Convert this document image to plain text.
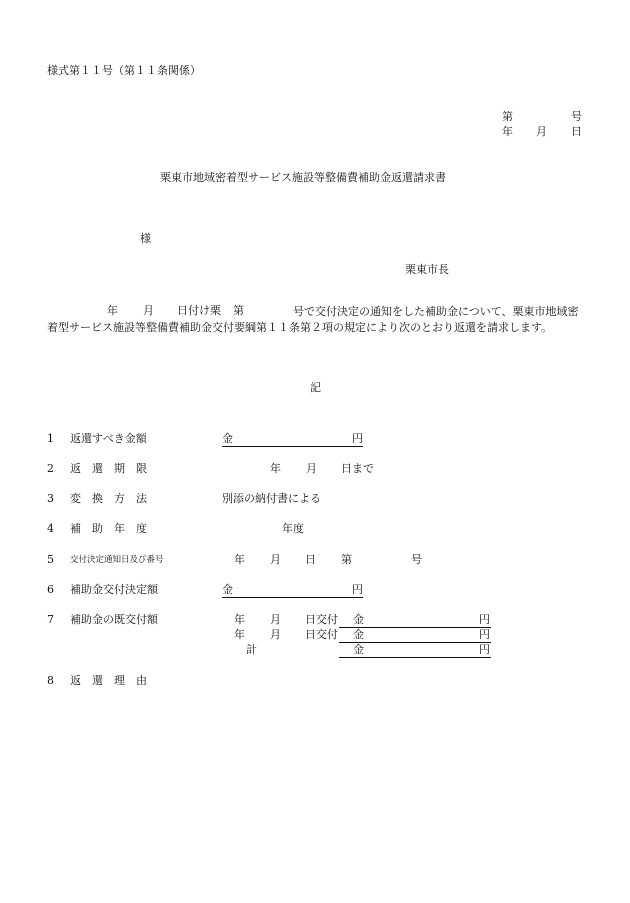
様式第１１号（第１１条関係）
第	号
年 月 日
栗東市地域密着型サービス施設等整備費補助金返還請求書
様
栗東市長
年 月 日付け栗 第	号で交付決定の通知をした補助金について、栗東市地域密着型サービス施設等整備費補助金交付要綱第１１条第２項の規定により次のとおり返還を請求します。
記
1 返還すべき金額	金	円
2 返　還　期　限	年 月 日まで
3 変　換　方　法	別添の納付書による
4 補　助　年　度	年度
5 交付決定通知日及び番号	年 月 日 第	号
6 補助金交付決定額	金	円
7 補助金の既交付額	年 月 日交付 金	円
年 月 日交付 金	円
計	金	円
8 返　還　理　由
